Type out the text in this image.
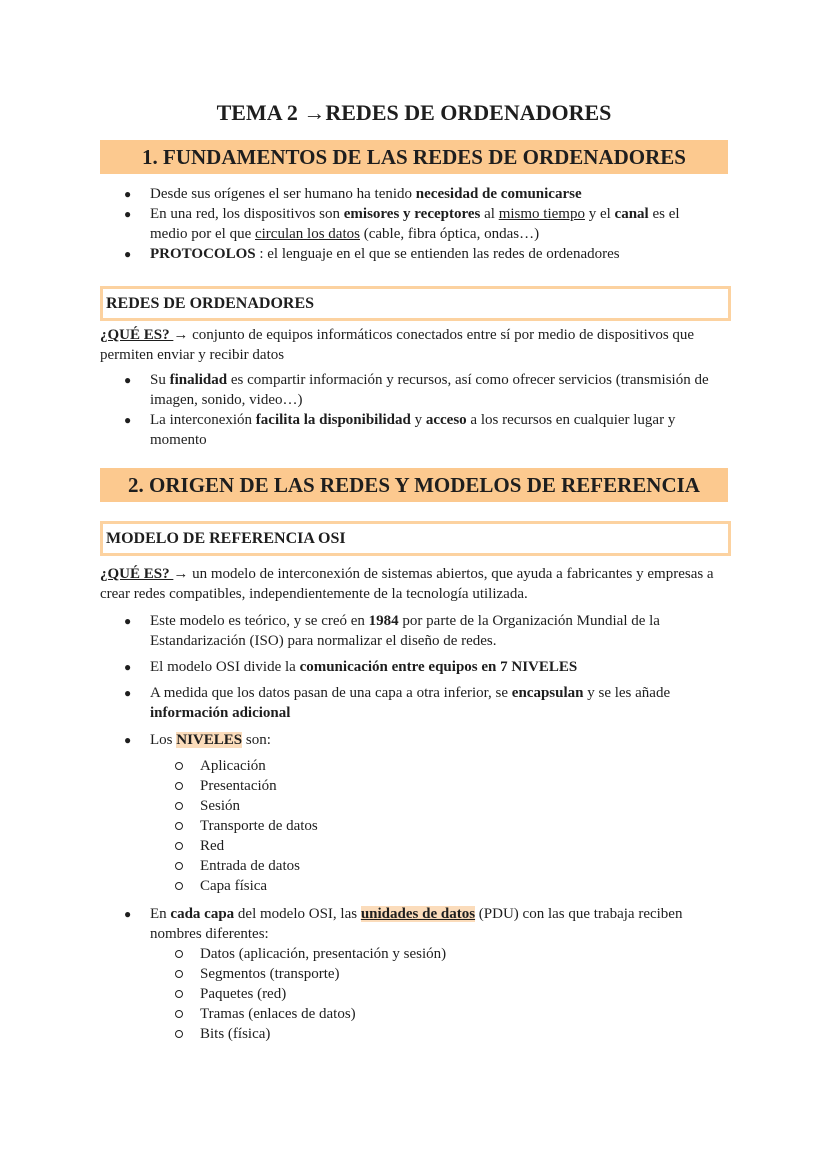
TEMA 2 →REDES DE ORDENADORES
1. FUNDAMENTOS DE LAS REDES DE ORDENADORES
● Desde sus orígenes el ser humano ha tenido necesidad de comunicarse
● En una red, los dispositivos son emisores y receptores al mismo tiempo y el canal es el
medio por el que circulan los datos (cable, fibra óptica, ondas…)
● PROTOCOLOS : el lenguaje en el que se entienden las redes de ordenadores
REDES DE ORDENADORES
¿QUÉ ES? → conjunto de equipos informáticos conectados entre sí por medio de dispositivos que
permiten enviar y recibir datos
● Su finalidad es compartir información y recursos, así como ofrecer servicios (transmisión de
imagen, sonido, video…)
● La interconexión facilita la disponibilidad y acceso a los recursos en cualquier lugar y
momento
2. ORIGEN DE LAS REDES Y MODELOS DE REFERENCIA
MODELO DE REFERENCIA OSI
¿QUÉ ES? → un modelo de interconexión de sistemas abiertos, que ayuda a fabricantes y empresas a
crear redes compatibles, independientemente de la tecnología utilizada.
● Este modelo es teórico, y se creó en 1984 por parte de la Organización Mundial de la
Estandarización (ISO) para normalizar el diseño de redes.
● El modelo OSI divide la comunicación entre equipos en 7 NIVELES
● A medida que los datos pasan de una capa a otra inferior, se encapsulan y se les añade
información adicional
● Los NIVELES son:
Aplicación
Presentación
Sesión
Transporte de datos
Red
Entrada de datos
Capa física
● En cada capa del modelo OSI, las unidades de datos (PDU) con las que trabaja reciben
nombres diferentes:
Datos (aplicación, presentación y sesión)
Segmentos (transporte)
Paquetes (red)
Tramas (enlaces de datos)
Bits (física)
